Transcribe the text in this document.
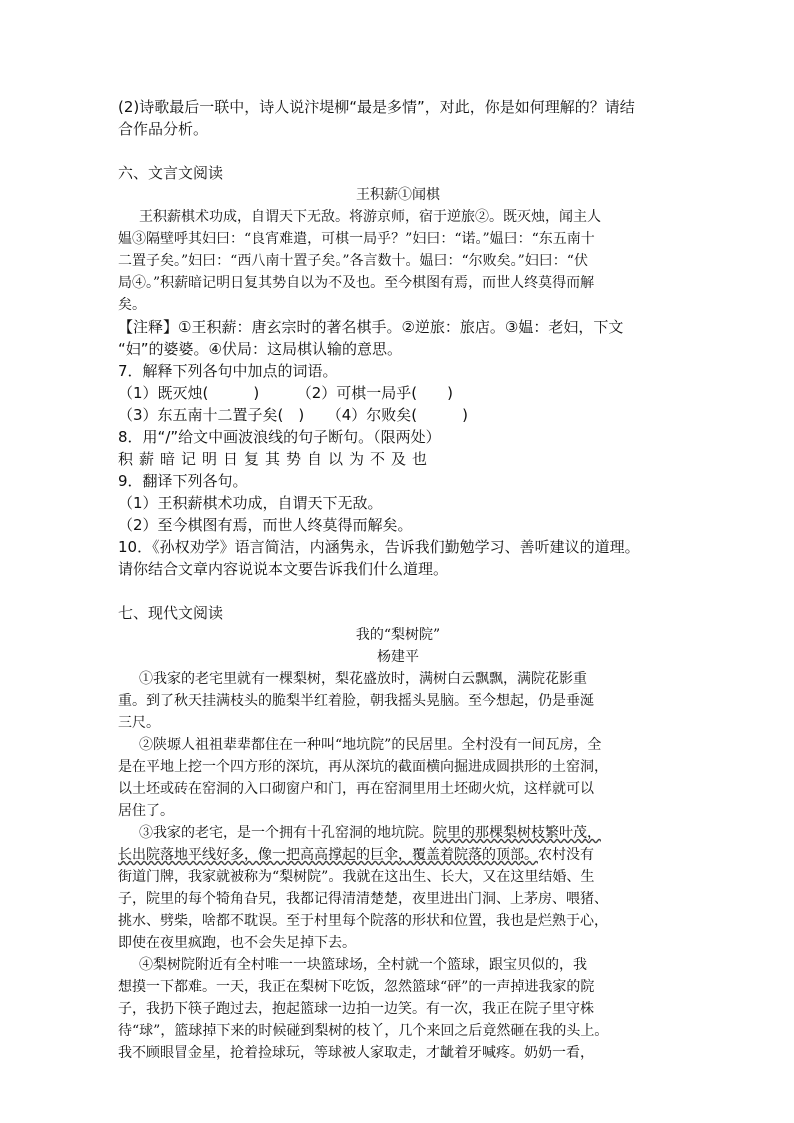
(2)诗歌最后一联中，诗人说汴堤柳“最是多情”，对此，你是如何理解的？请结
合作品分析。
六、文言文阅读
王积薪①闻棋
王积薪棋术功成，自谓天下无敌。将游京师，宿于逆旅②。既灭烛，闻主人
媪③隔壁呼其妇曰：“良宵难遣，可棋一局乎？”妇曰：“诺。”媪曰：“东五南十
二置子矣。”妇曰：“西八南十置子矣。”各言数十。媪曰：“尔败矣。”妇曰：“伏
局④。”积薪暗记明日复其势自以为不及也。至今棋图有焉，而世人终莫得而解
矣。
【注释】①王积薪：唐玄宗时的著名棋手。②逆旅：旅店。③媪：老妇，下文
“妇”的婆婆。④伏局：这局棋认输的意思。
7．解释下列各句中加点的词语。
（1）既灭烛(　　　)　　　（2）可棋一局乎(　　)
（3）东五南十二置子矣(　)　　（4）尔败矣(　　　)
8．用“/”给文中画波浪线的句子断句。（限两处）
积薪暗记明日复其势自以为不及也
9．翻译下列各句。
（1）王积薪棋术功成，自谓天下无敌。
（2）至今棋图有焉，而世人终莫得而解矣。
10．《孙权劝学》语言简洁，内涵隽永，告诉我们勤勉学习、善听建议的道理。
请你结合文章内容说说本文要告诉我们什么道理。
七、现代文阅读
我的“梨树院”
杨建平
①我家的老宅里就有一棵梨树，梨花盛放时，满树白云飘飘，满院花影重
重。到了秋天挂满枝头的脆梨半红着脸，朝我摇头晃脑。至今想起，仍是垂涎
三尺。
②陕塬人祖祖辈辈都住在一种叫“地坑院”的民居里。全村没有一间瓦房，全
是在平地上挖一个四方形的深坑，再从深坑的截面横向掘进成圆拱形的土窑洞，
以土坯或砖在窑洞的入口砌窗户和门，再在窑洞里用土坯砌火炕，这样就可以
居住了。
③我家的老宅，是一个拥有十孔窑洞的地坑院。院里的那棵梨树枝繁叶茂，
长出院落地平线好多，像一把高高撑起的巨伞，覆盖着院落的顶部。农村没有
街道门牌，我家就被称为“梨树院”。我就在这出生、长大，又在这里结婚、生
子，院里的每个犄角旮旯，我都记得清清楚楚，夜里进出门洞、上茅房、喂猪、
挑水、劈柴，啥都不耽误。至于村里每个院落的形状和位置，我也是烂熟于心，
即使在夜里疯跑，也不会失足掉下去。
④梨树院附近有全村唯一一块篮球场，全村就一个篮球，跟宝贝似的，我
想摸一下都难。一天，我正在梨树下吃饭，忽然篮球“砰”的一声掉进我家的院
子，我扔下筷子跑过去，抱起篮球一边拍一边笑。有一次，我正在院子里守株
待“球”，篮球掉下来的时候碰到梨树的枝丫，几个来回之后竟然砸在我的头上。
我不顾眼冒金星，抢着捡球玩，等球被人家取走，才龇着牙喊疼。奶奶一看，
